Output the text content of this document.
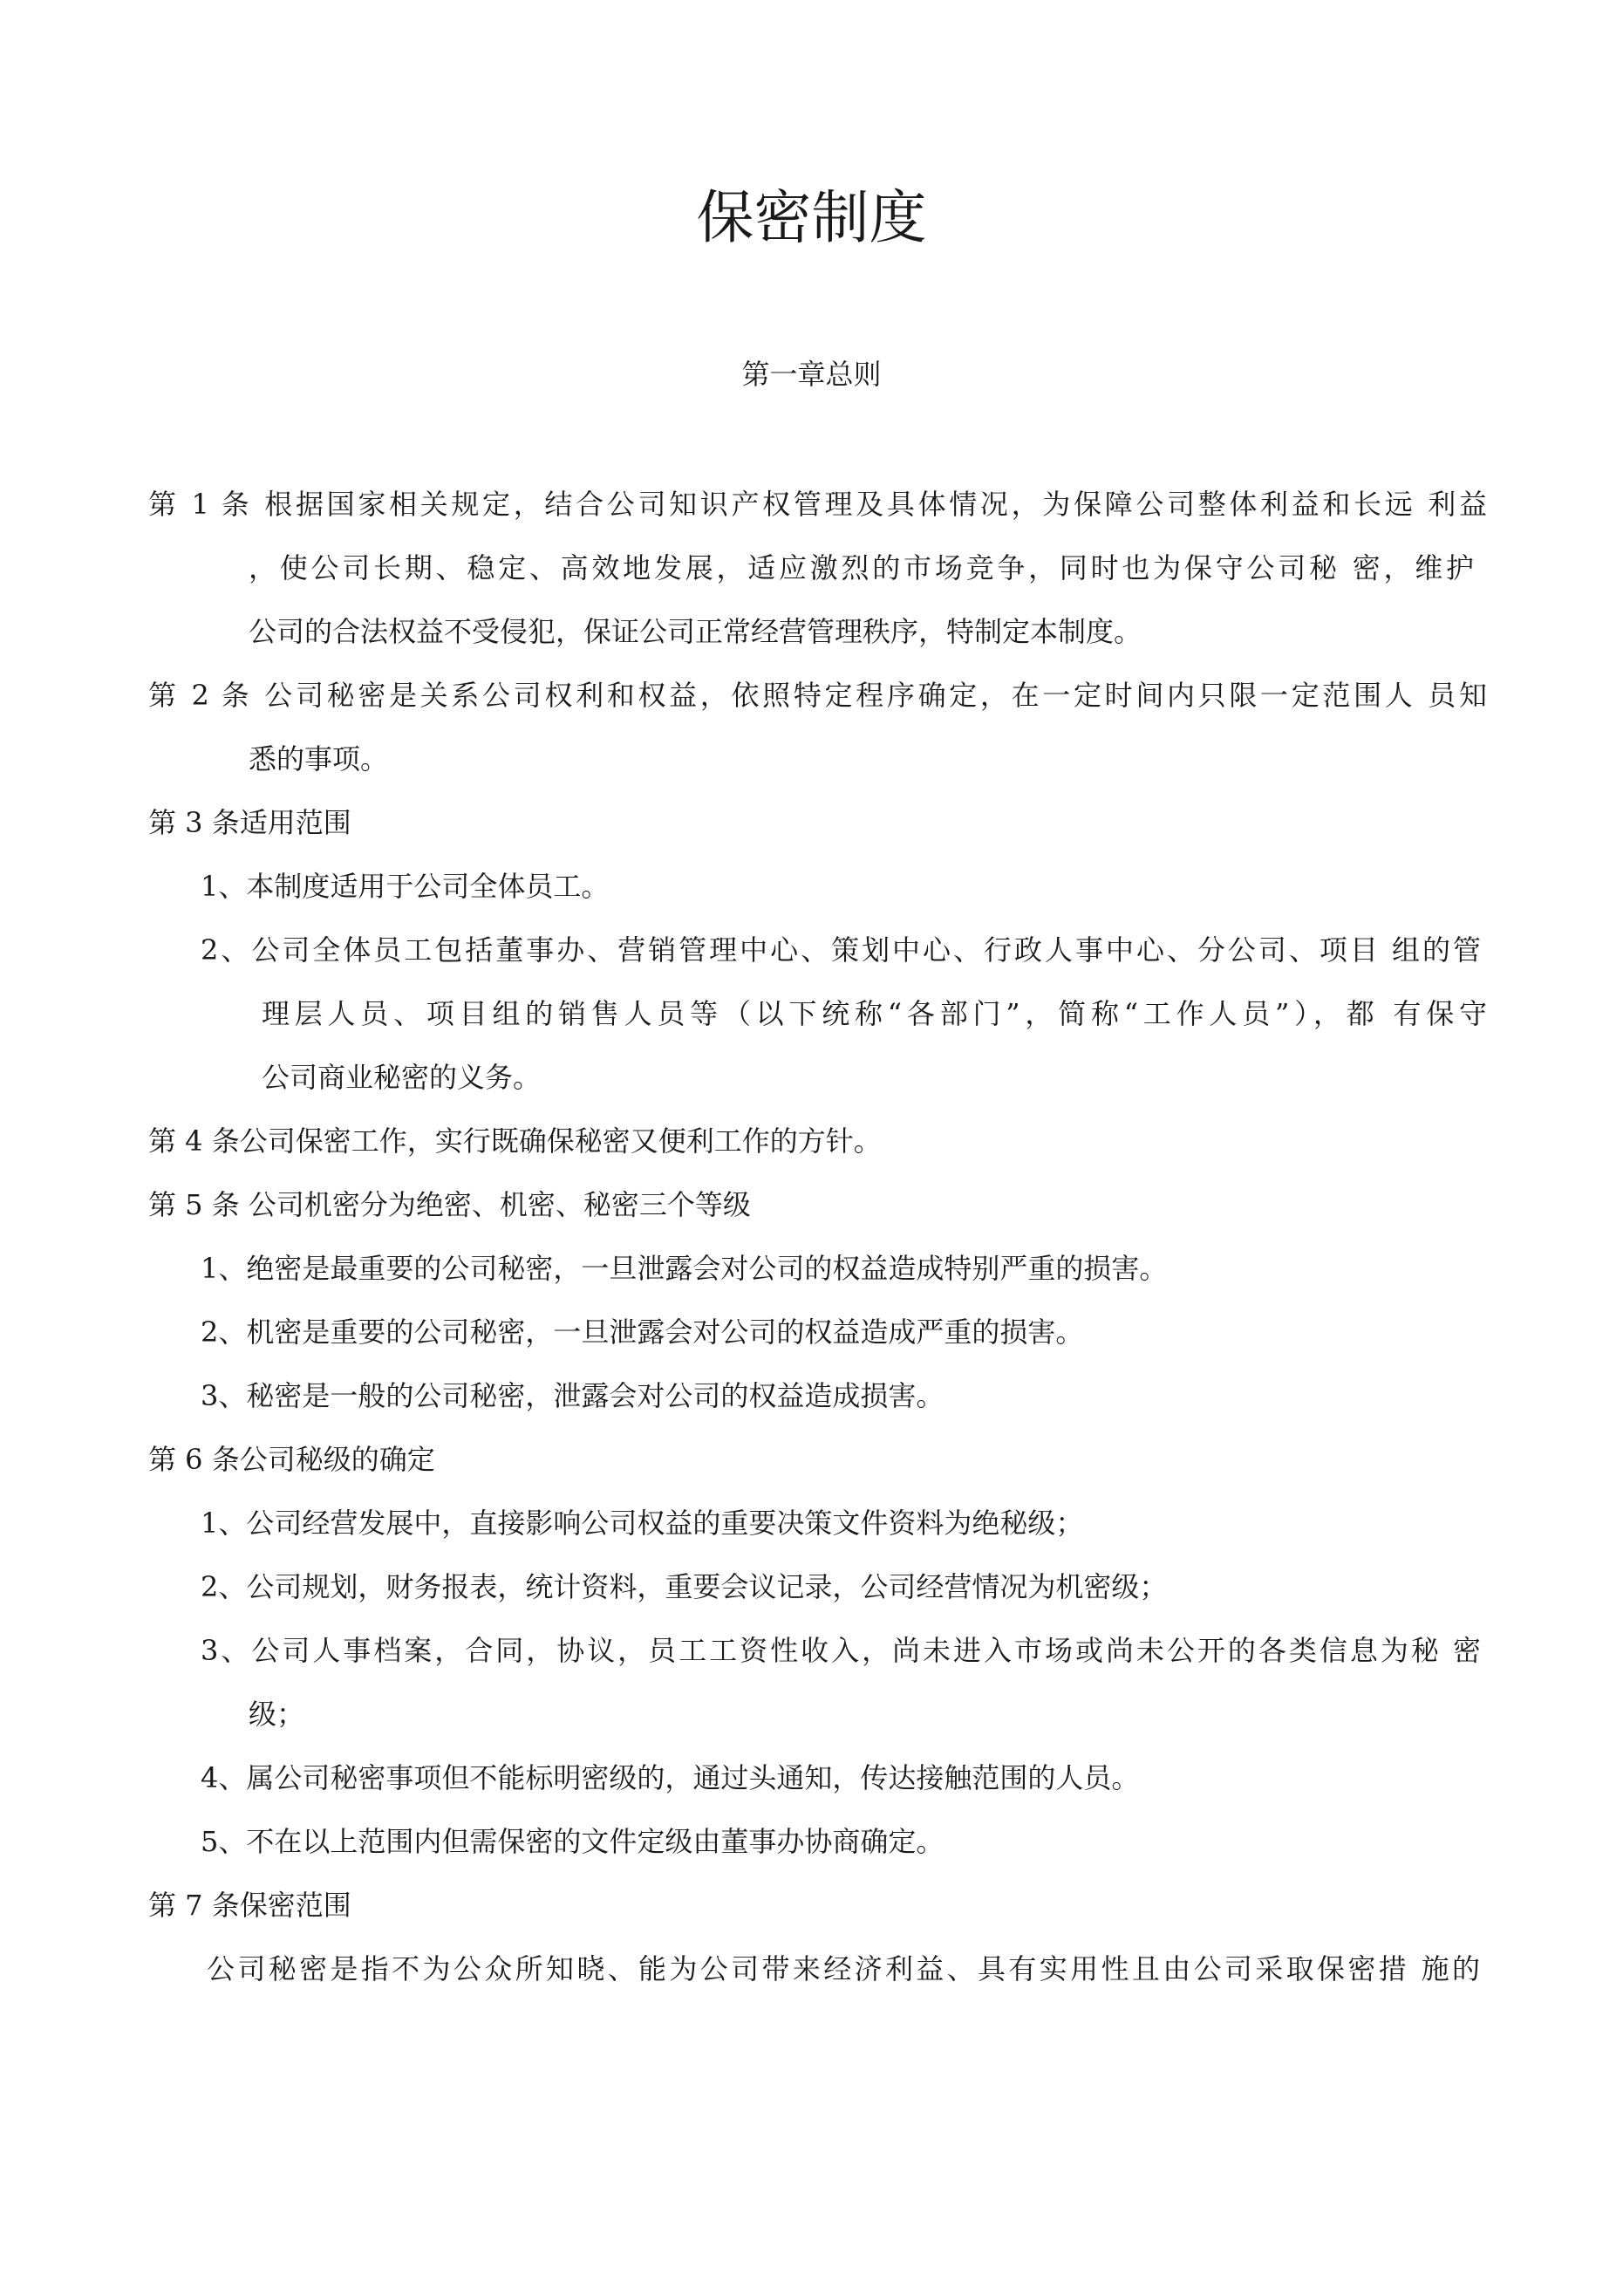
保密制度
第一章总则
第 1 条 根据国家相关规定，结合公司知识产权管理及具体情况，为保障公司整体利益和长远 利益
，使公司长期、稳定、高效地发展，适应激烈的市场竞争，同时也为保守公司秘 密，维护
公司的合法权益不受侵犯，保证公司正常经营管理秩序，特制定本制度。
第 2 条 公司秘密是关系公司权利和权益，依照特定程序确定，在一定时间内只限一定范围人 员知
悉的事项。
第 3 条适用范围
1、本制度适用于公司全体员工。
2、公司全体员工包括董事办、营销管理中心、策划中心、行政人事中心、分公司、项目 组的管
理层人员、项目组的销售人员等（以下统称“各部门”，简称“工作人员”），都 有保守
公司商业秘密的义务。
第 4 条公司保密工作，实行既确保秘密又便利工作的方针。
第 5 条 公司机密分为绝密、机密、秘密三个等级
1、绝密是最重要的公司秘密，一旦泄露会对公司的权益造成特别严重的损害。
2、机密是重要的公司秘密，一旦泄露会对公司的权益造成严重的损害。
3、秘密是一般的公司秘密，泄露会对公司的权益造成损害。
第 6 条公司秘级的确定
1、公司经营发展中，直接影响公司权益的重要决策文件资料为绝秘级；
2、公司规划，财务报表，统计资料，重要会议记录，公司经营情况为机密级；
3、公司人事档案，合同，协议，员工工资性收入，尚未进入市场或尚未公开的各类信息为秘 密
级；
4、属公司秘密事项但不能标明密级的，通过头通知，传达接触范围的人员。
5、不在以上范围内但需保密的文件定级由董事办协商确定。
第 7 条保密范围
公司秘密是指不为公众所知晓、能为公司带来经济利益、具有实用性且由公司采取保密措 施的
